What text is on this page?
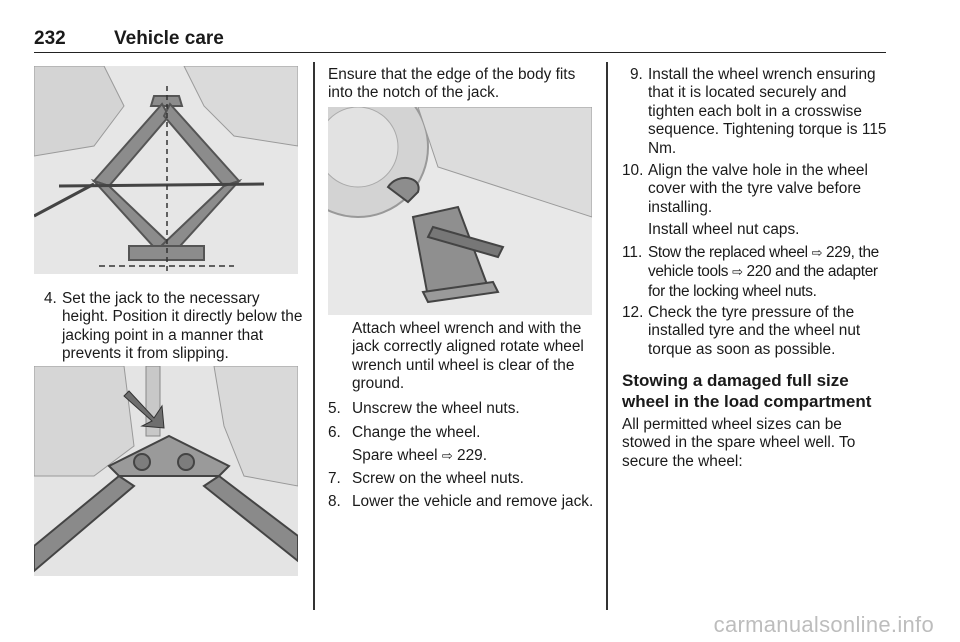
232	Vehicle care
4. Set the jack to the necessary height. Position it directly below the jacking point in a manner that prevents it from slipping.
Ensure that the edge of the body fits into the notch of the jack.
Attach wheel wrench and with the jack correctly aligned rotate wheel wrench until wheel is clear of the ground.
5. Unscrew the wheel nuts.
6. Change the wheel.
Spare wheel ⇨ 229.
7. Screw on the wheel nuts.
8. Lower the vehicle and remove jack.
9. Install the wheel wrench ensuring that it is located securely and tighten each bolt in a crosswise sequence. Tightening torque is 115 Nm.
10. Align the valve hole in the wheel cover with the tyre valve before installing.
Install wheel nut caps.
11. Stow the replaced wheel ⇨ 229, the vehicle tools ⇨ 220 and the adapter for the locking wheel nuts.
12. Check the tyre pressure of the installed tyre and the wheel nut torque as soon as possible.
Stowing a damaged full size wheel in the load compartment
All permitted wheel sizes can be stowed in the spare wheel well. To secure the wheel:
carmanualsonline.info
